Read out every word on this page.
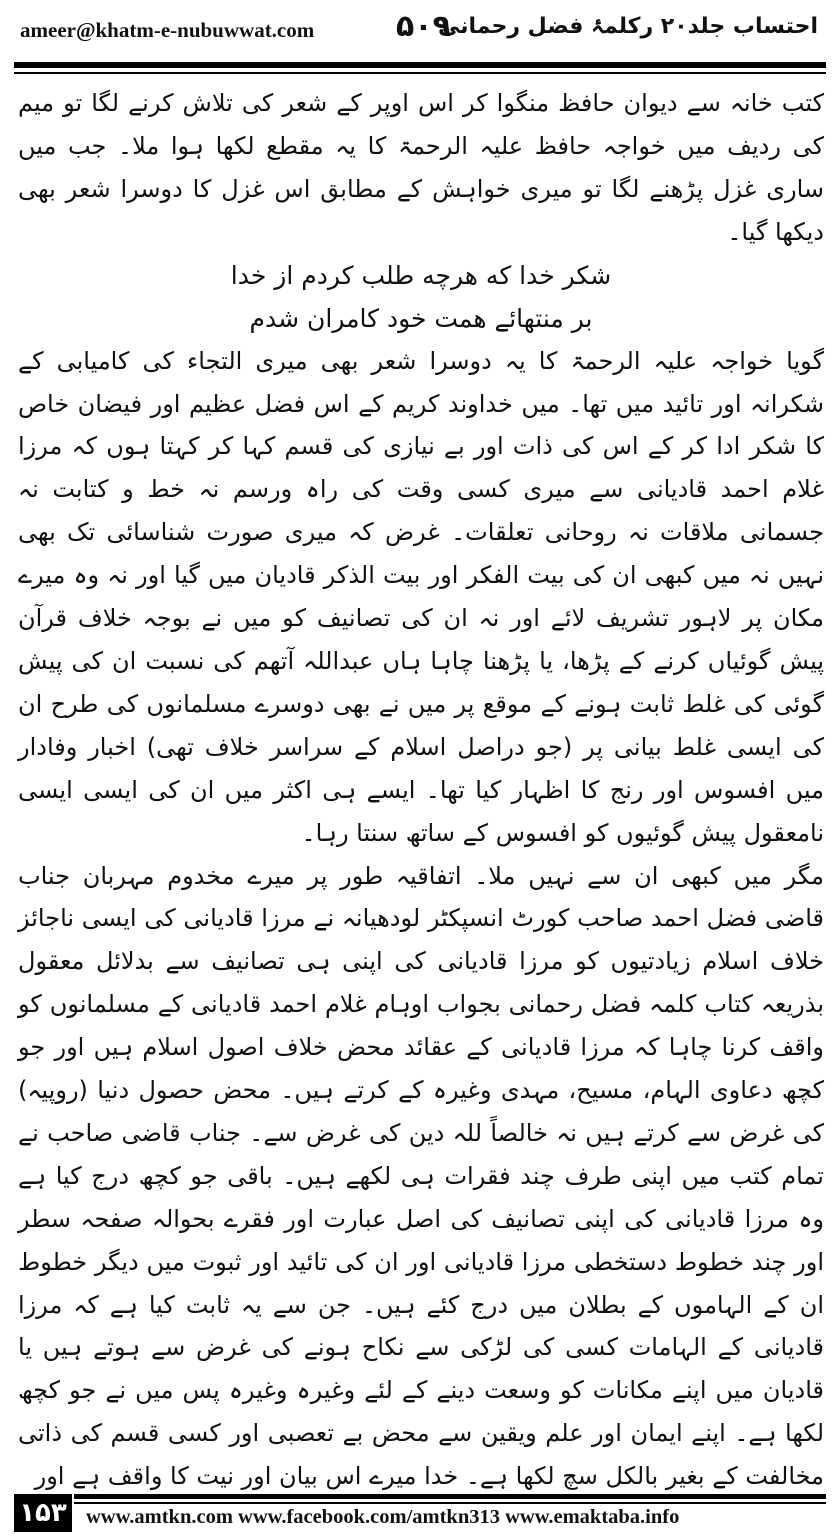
ameer@khatm-e-nubuwwat.com	۵۰۹
احتساب جلد۲۰ رکلمۂ فضل رحمانی

کتب خانہ سے دیوان حافظ منگوا کر اس اوپر کے شعر کی تلاش کرنے لگا تو میم کی ردیف میں خواجہ حافظ علیہ الرحمۃ کا یہ مقطع لکھا ہوا ملا۔ جب میں ساری غزل پڑھنے لگا تو میری خواہش کے مطابق اس غزل کا دوسرا شعر بھی دیکھا گیا۔

شکر خدا که هرچه طلب کردم از خدا

بر منتهائے همت خود کامران شدم

گویا خواجہ علیہ الرحمۃ کا یہ دوسرا شعر بھی میری التجاء کی کامیابی کے شکرانہ اور تائید میں تھا۔ میں خداوند کریم کے اس فضل عظیم اور فیضان خاص کا شکر ادا کر کے اس کی ذات اور بے نیازی کی قسم کہا کر کہتا ہوں کہ مرزا غلام احمد قادیانی سے میری کسی وقت کی راہ ورسم نہ خط و کتابت نہ جسمانی ملاقات نہ روحانی تعلقات۔ غرض کہ میری صورت شناسائی تک بھی نہیں نہ میں کبھی ان کی بیت الفکر اور بیت الذکر قادیان میں گیا اور نہ وہ میرے مکان پر لاہور تشریف لائے اور نہ ان کی تصانیف کو میں نے بوجہ خلاف قرآن پیش گوئیاں کرنے کے پڑھا، یا پڑھنا چاہا ہاں عبداللہ آتھم کی نسبت ان کی پیش گوئی کی غلط ثابت ہونے کے موقع پر میں نے بھی دوسرے مسلمانوں کی طرح ان کی ایسی غلط بیانی پر (جو دراصل اسلام کے سراسر خلاف تھی) اخبار وفادار میں افسوس اور رنج کا اظہار کیا تھا۔ ایسے ہی اکثر میں ان کی ایسی ایسی نامعقول پیش گوئیوں کو افسوس کے ساتھ سنتا رہا۔

مگر میں کبھی ان سے نہیں ملا۔ اتفاقیہ طور پر میرے مخدوم مہربان جناب قاضی فضل احمد صاحب کورٹ انسپکٹر لودھیانہ نے مرزا قادیانی کی ایسی ناجائز خلاف اسلام زیادتیوں کو مرزا قادیانی کی اپنی ہی تصانیف سے بدلائل معقول بذریعہ کتاب کلمہ فضل رحمانی بجواب اوہام غلام احمد قادیانی کے مسلمانوں کو واقف کرنا چاہا کہ مرزا قادیانی کے عقائد محض خلاف اصول اسلام ہیں اور جو کچھ دعاوی الہام، مسیح، مہدی وغیرہ کے کرتے ہیں۔ محض حصول دنیا (روپیہ) کی غرض سے کرتے ہیں نہ خالصاً للہ دین کی غرض سے۔ جناب قاضی صاحب نے تمام کتب میں اپنی طرف چند فقرات ہی لکھے ہیں۔ باقی جو کچھ درج کیا ہے وہ مرزا قادیانی کی اپنی تصانیف کی اصل عبارت اور فقرے بحوالہ صفحہ سطر اور چند خطوط دستخطی مرزا قادیانی اور ان کی تائید اور ثبوت میں دیگر خطوط ان کے الہاموں کے بطلان میں درج کئے ہیں۔ جن سے یہ ثابت کیا ہے کہ مرزا قادیانی کے الہامات کسی کی لڑکی سے نکاح ہونے کی غرض سے ہوتے ہیں یا قادیان میں اپنے مکانات کو وسعت دینے کے لئے وغیرہ وغیرہ پس میں نے جو کچھ لکھا ہے۔ اپنے ایمان اور علم ویقین سے محض بے تعصبی اور کسی قسم کی ذاتی مخالفت کے بغیر بالکل سچ لکھا ہے۔ خدا میرے اس بیان اور نیت کا واقف ہے اور

۱۵۳ www.amtkn.com www.facebook.com/amtkn313 www.emaktaba.info
